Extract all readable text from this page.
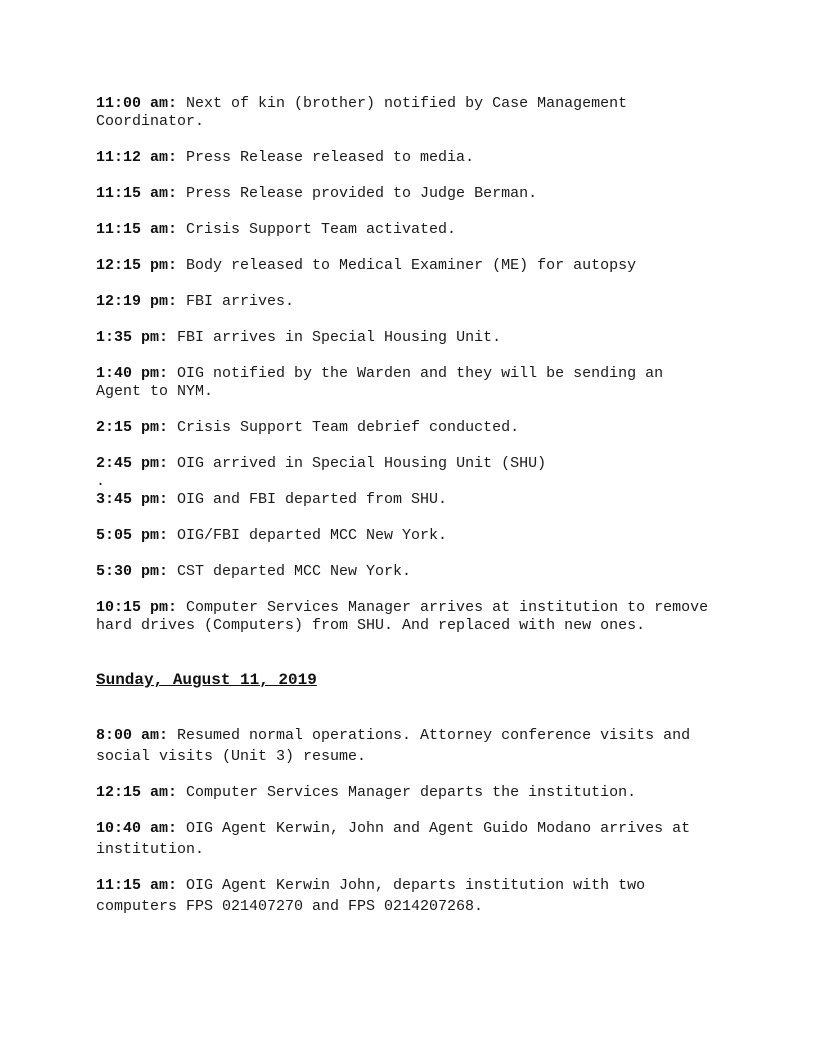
11:00 am: Next of kin (brother) notified by Case Management Coordinator.

11:12 am: Press Release released to media.

11:15 am: Press Release provided to Judge Berman.

11:15 am: Crisis Support Team activated.

12:15 pm: Body released to Medical Examiner (ME) for autopsy

12:19 pm: FBI arrives.

1:35 pm: FBI arrives in Special Housing Unit.

1:40 pm: OIG notified by the Warden and they will be sending an Agent to NYM.

2:15 pm: Crisis Support Team debrief conducted.

2:45 pm: OIG arrived in Special Housing Unit (SHU)

.

3:45 pm: OIG and FBI departed from SHU.

5:05 pm: OIG/FBI departed MCC New York.

5:30 pm: CST departed MCC New York.

10:15 pm: Computer Services Manager arrives at institution to remove hard drives (Computers) from SHU. And replaced with new ones.

Sunday, August 11, 2019

8:00 am: Resumed normal operations. Attorney conference visits and social visits (Unit 3) resume.

12:15 am: Computer Services Manager departs the institution.

10:40 am: OIG Agent Kerwin, John and Agent Guido Modano arrives at institution.

11:15 am: OIG Agent Kerwin John, departs institution with two computers FPS 021407270 and FPS 0214207268.
